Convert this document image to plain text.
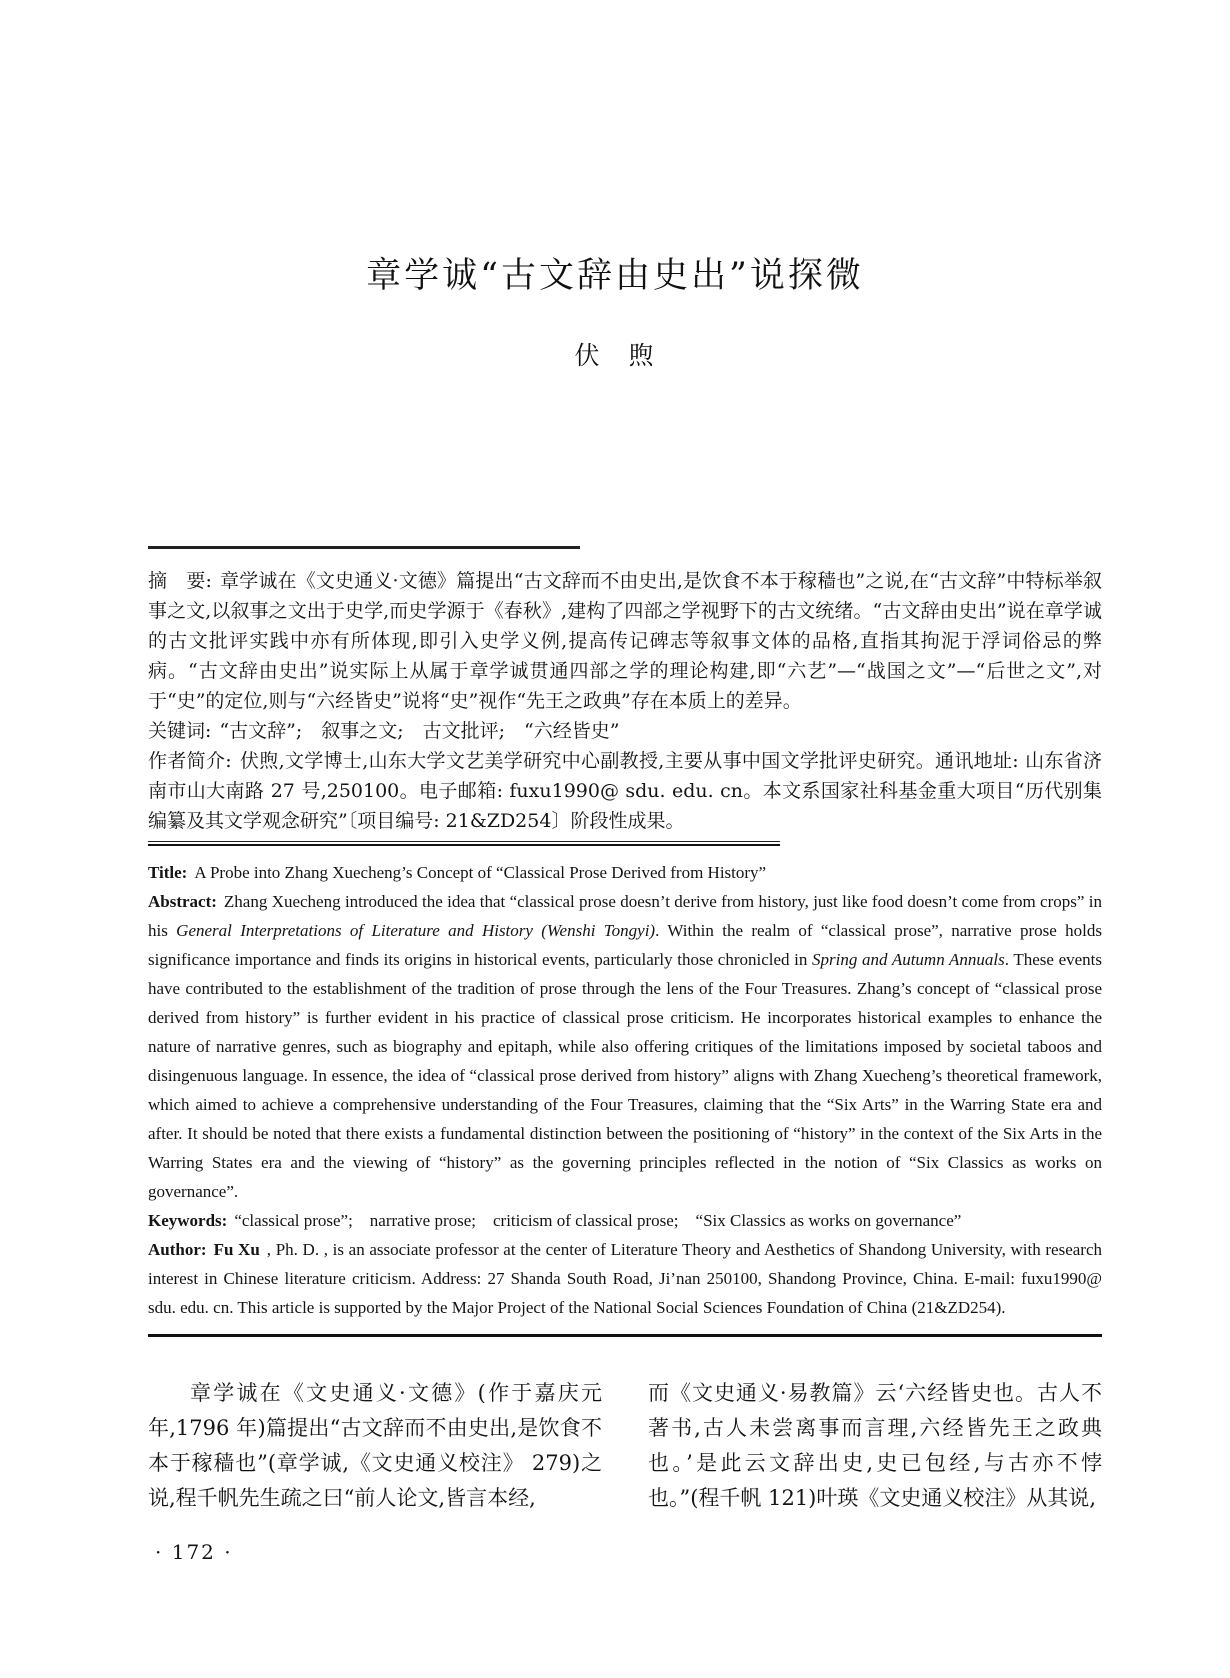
章学诚“古文辞由史出”说探微
伏　煦

摘　要: 章学诚在《文史通义·文德》篇提出“古文辞而不由史出,是饮食不本于稼穑也”之说,在“古文辞”中特标举叙事之文,以叙事之文出于史学,而史学源于《春秋》,建构了四部之学视野下的古文统绪。“古文辞由史出”说在章学诚的古文批评实践中亦有所体现,即引入史学义例,提高传记碑志等叙事文体的品格,直指其拘泥于浮词俗忌的弊病。“古文辞由史出”说实际上从属于章学诚贯通四部之学的理论构建,即“六艺”—“战国之文”—“后世之文”,对于“史”的定位,则与“六经皆史”说将“史”视作“先王之政典”存在本质上的差异。

关键词: “古文辞”;　叙事之文;　古文批评;　“六经皆史”

作者简介: 伏煦,文学博士,山东大学文艺美学研究中心副教授,主要从事中国文学批评史研究。通讯地址: 山东省济南市山大南路 27 号,250100。电子邮箱: fuxu1990@ sdu. edu. cn。本文系国家社科基金重大项目“历代别集编纂及其文学观念研究”〔项目编号: 21&ZD254〕阶段性成果。

Title: A Probe into Zhang Xuecheng’s Concept of “Classical Prose Derived from History”

Abstract: Zhang Xuecheng introduced the idea that “classical prose doesn’t derive from history, just like food doesn’t come from crops” in his General Interpretations of Literature and History (Wenshi Tongyi). Within the realm of “classical prose”, narrative prose holds significance importance and finds its origins in historical events, particularly those chronicled in Spring and Autumn Annuals. These events have contributed to the establishment of the tradition of prose through the lens of the Four Treasures. Zhang’s concept of “classical prose derived from history” is further evident in his practice of classical prose criticism. He incorporates historical examples to enhance the nature of narrative genres, such as biography and epitaph, while also offering critiques of the limitations imposed by societal taboos and disingenuous language. In essence, the idea of “classical prose derived from history” aligns with Zhang Xuecheng’s theoretical framework, which aimed to achieve a comprehensive understanding of the Four Treasures, claiming that the “Six Arts” in the Warring State era and after. It should be noted that there exists a fundamental distinction between the positioning of “history” in the context of the Six Arts in the Warring States era and the viewing of “history” as the governing principles reflected in the notion of “Six Classics as works on governance”.

Keywords: “classical prose”;　narrative prose;　criticism of classical prose;　“Six Classics as works on governance”

Author: Fu Xu , Ph. D. , is an associate professor at the center of Literature Theory and Aesthetics of Shandong University, with research interest in Chinese literature criticism. Address: 27 Shanda South Road, Ji’nan 250100, Shandong Province, China. E-mail: fuxu1990@ sdu. edu. cn. This article is supported by the Major Project of the National Social Sciences Foundation of China (21&ZD254).

章学诚在《文史通义·文德》(作于嘉庆元年,1796 年)篇提出“古文辞而不由史出,是饮食不本于稼穑也”(章学诚,《文史通义校注》 279)之说,程千帆先生疏之曰“前人论文,皆言本经,

而《文史通义·易教篇》云‘六经皆史也。古人不著书,古人未尝离事而言理,六经皆先王之政典也。’是此云文辞出史,史已包经,与古亦不悖也。”(程千帆 121)叶瑛《文史通义校注》从其说,

· 172 ·
